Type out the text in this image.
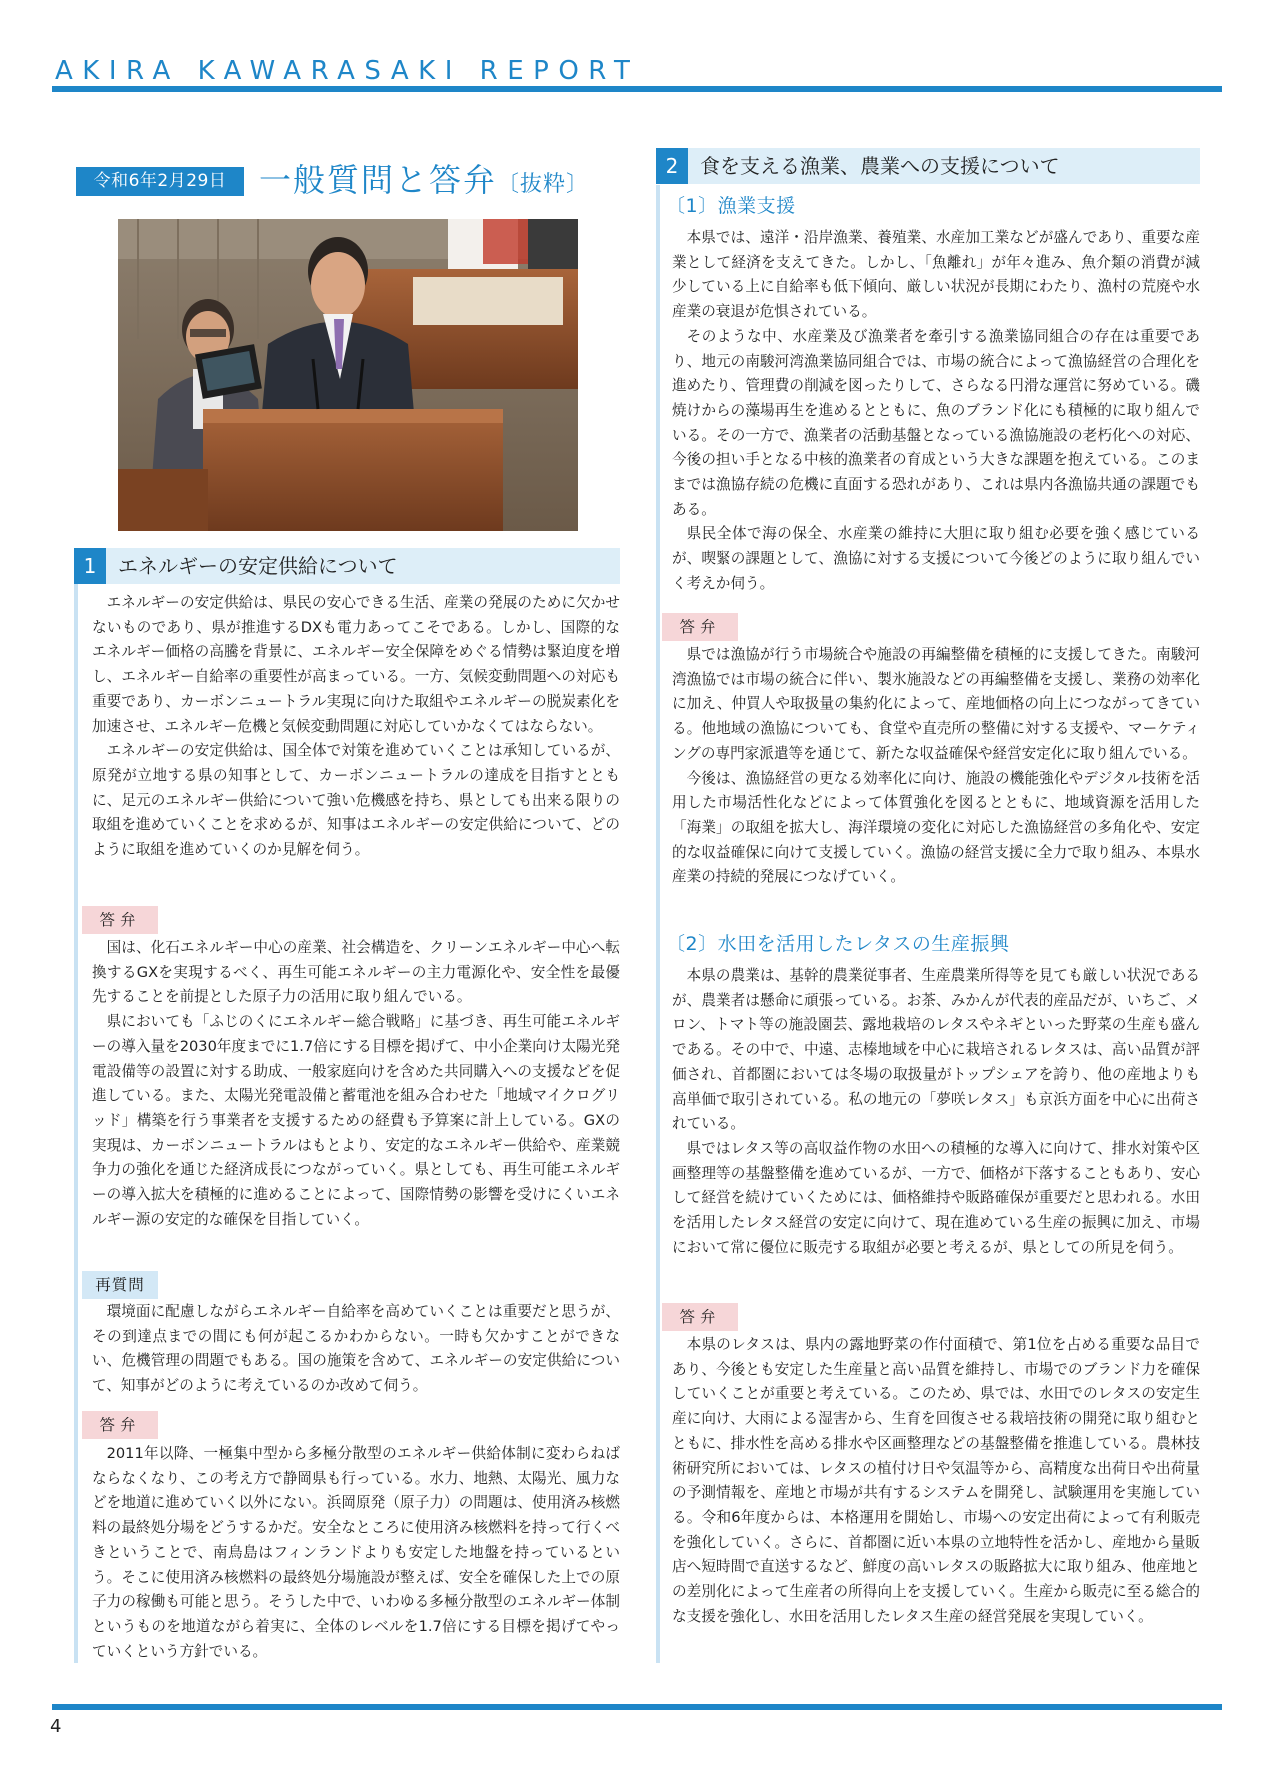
AKIRA KAWARASAKI REPORT
令和6年2月29日	一般質問と答弁〔抜粋〕
1	エネルギーの安定供給について

エネルギーの安定供給は、県民の安心できる生活、産業の発展のために欠かせないものであり、県が推進するDXも電力あってこそである。しかし、国際的なエネルギー価格の高騰を背景に、エネルギー安全保障をめぐる情勢は緊迫度を増し、エネルギー自給率の重要性が高まっている。一方、気候変動問題への対応も重要であり、カーボンニュートラル実現に向けた取組やエネルギーの脱炭素化を加速させ、エネルギー危機と気候変動問題に対応していかなくてはならない。

エネルギーの安定供給は、国全体で対策を進めていくことは承知しているが、原発が立地する県の知事として、カーボンニュートラルの達成を目指すとともに、足元のエネルギー供給について強い危機感を持ち、県としても出来る限りの取組を進めていくことを求めるが、知事はエネルギーの安定供給について、どのように取組を進めていくのか見解を伺う。

答弁

国は、化石エネルギー中心の産業、社会構造を、クリーンエネルギー中心へ転換するGXを実現するべく、再生可能エネルギーの主力電源化や、安全性を最優先することを前提とした原子力の活用に取り組んでいる。

県においても「ふじのくにエネルギー総合戦略」に基づき、再生可能エネルギーの導入量を2030年度までに1.7倍にする目標を掲げて、中小企業向け太陽光発電設備等の設置に対する助成、一般家庭向けを含めた共同購入への支援などを促進している。また、太陽光発電設備と蓄電池を組み合わせた「地域マイクログリッド」構築を行う事業者を支援するための経費も予算案に計上している。GXの実現は、カーボンニュートラルはもとより、安定的なエネルギー供給や、産業競争力の強化を通じた経済成長につながっていく。県としても、再生可能エネルギーの導入拡大を積極的に進めることによって、国際情勢の影響を受けにくいエネルギー源の安定的な確保を目指していく。

再質問

環境面に配慮しながらエネルギー自給率を高めていくことは重要だと思うが、その到達点までの間にも何が起こるかわからない。一時も欠かすことができない、危機管理の問題でもある。国の施策を含めて、エネルギーの安定供給について、知事がどのように考えているのか改めて伺う。

答弁

2011年以降、一極集中型から多極分散型のエネルギー供給体制に変わらねばならなくなり、この考え方で静岡県も行っている。水力、地熱、太陽光、風力などを地道に進めていく以外にない。浜岡原発（原子力）の問題は、使用済み核燃料の最終処分場をどうするかだ。安全なところに使用済み核燃料を持って行くべきということで、南鳥島はフィンランドよりも安定した地盤を持っているという。そこに使用済み核燃料の最終処分場施設が整えば、安全を確保した上での原子力の稼働も可能と思う。そうした中で、いわゆる多極分散型のエネルギー体制というものを地道ながら着実に、全体のレベルを1.7倍にする目標を掲げてやっていくという方針でいる。

2	食を支える漁業、農業への支援について
〔1〕漁業支援

本県では、遠洋・沿岸漁業、養殖業、水産加工業などが盛んであり、重要な産業として経済を支えてきた。しかし、「魚離れ」が年々進み、魚介類の消費が減少している上に自給率も低下傾向、厳しい状況が長期にわたり、漁村の荒廃や水産業の衰退が危惧されている。

そのような中、水産業及び漁業者を牽引する漁業協同組合の存在は重要であり、地元の南駿河湾漁業協同組合では、市場の統合によって漁協経営の合理化を進めたり、管理費の削減を図ったりして、さらなる円滑な運営に努めている。磯焼けからの藻場再生を進めるとともに、魚のブランド化にも積極的に取り組んでいる。その一方で、漁業者の活動基盤となっている漁協施設の老朽化への対応、今後の担い手となる中核的漁業者の育成という大きな課題を抱えている。このままでは漁協存続の危機に直面する恐れがあり、これは県内各漁協共通の課題でもある。

県民全体で海の保全、水産業の維持に大胆に取り組む必要を強く感じているが、喫緊の課題として、漁協に対する支援について今後どのように取り組んでいく考えか伺う。

答弁

県では漁協が行う市場統合や施設の再編整備を積極的に支援してきた。南駿河湾漁協では市場の統合に伴い、製氷施設などの再編整備を支援し、業務の効率化に加え、仲買人や取扱量の集約化によって、産地価格の向上につながってきている。他地域の漁協についても、食堂や直売所の整備に対する支援や、マーケティングの専門家派遣等を通じて、新たな収益確保や経営安定化に取り組んでいる。

今後は、漁協経営の更なる効率化に向け、施設の機能強化やデジタル技術を活用した市場活性化などによって体質強化を図るとともに、地域資源を活用した「海業」の取組を拡大し、海洋環境の変化に対応した漁協経営の多角化や、安定的な収益確保に向けて支援していく。漁協の経営支援に全力で取り組み、本県水産業の持続的発展につなげていく。

〔2〕水田を活用したレタスの生産振興

本県の農業は、基幹的農業従事者、生産農業所得等を見ても厳しい状況であるが、農業者は懸命に頑張っている。お茶、みかんが代表的産品だが、いちご、メロン、トマト等の施設園芸、露地栽培のレタスやネギといった野菜の生産も盛んである。その中で、中遠、志榛地域を中心に栽培されるレタスは、高い品質が評価され、首都圏においては冬場の取扱量がトップシェアを誇り、他の産地よりも高単価で取引されている。私の地元の「夢咲レタス」も京浜方面を中心に出荷されている。

県ではレタス等の高収益作物の水田への積極的な導入に向けて、排水対策や区画整理等の基盤整備を進めているが、一方で、価格が下落することもあり、安心して経営を続けていくためには、価格維持や販路確保が重要だと思われる。水田を活用したレタス経営の安定に向けて、現在進めている生産の振興に加え、市場において常に優位に販売する取組が必要と考えるが、県としての所見を伺う。

答弁

本県のレタスは、県内の露地野菜の作付面積で、第1位を占める重要な品目であり、今後とも安定した生産量と高い品質を維持し、市場でのブランド力を確保していくことが重要と考えている。このため、県では、水田でのレタスの安定生産に向け、大雨による湿害から、生育を回復させる栽培技術の開発に取り組むとともに、排水性を高める排水や区画整理などの基盤整備を推進している。農林技術研究所においては、レタスの植付け日や気温等から、高精度な出荷日や出荷量の予測情報を、産地と市場が共有するシステムを開発し、試験運用を実施している。令和6年度からは、本格運用を開始し、市場への安定出荷によって有利販売を強化していく。さらに、首都圏に近い本県の立地特性を活かし、産地から量販店へ短時間で直送するなど、鮮度の高いレタスの販路拡大に取り組み、他産地との差別化によって生産者の所得向上を支援していく。生産から販売に至る総合的な支援を強化し、水田を活用したレタス生産の経営発展を実現していく。

4
